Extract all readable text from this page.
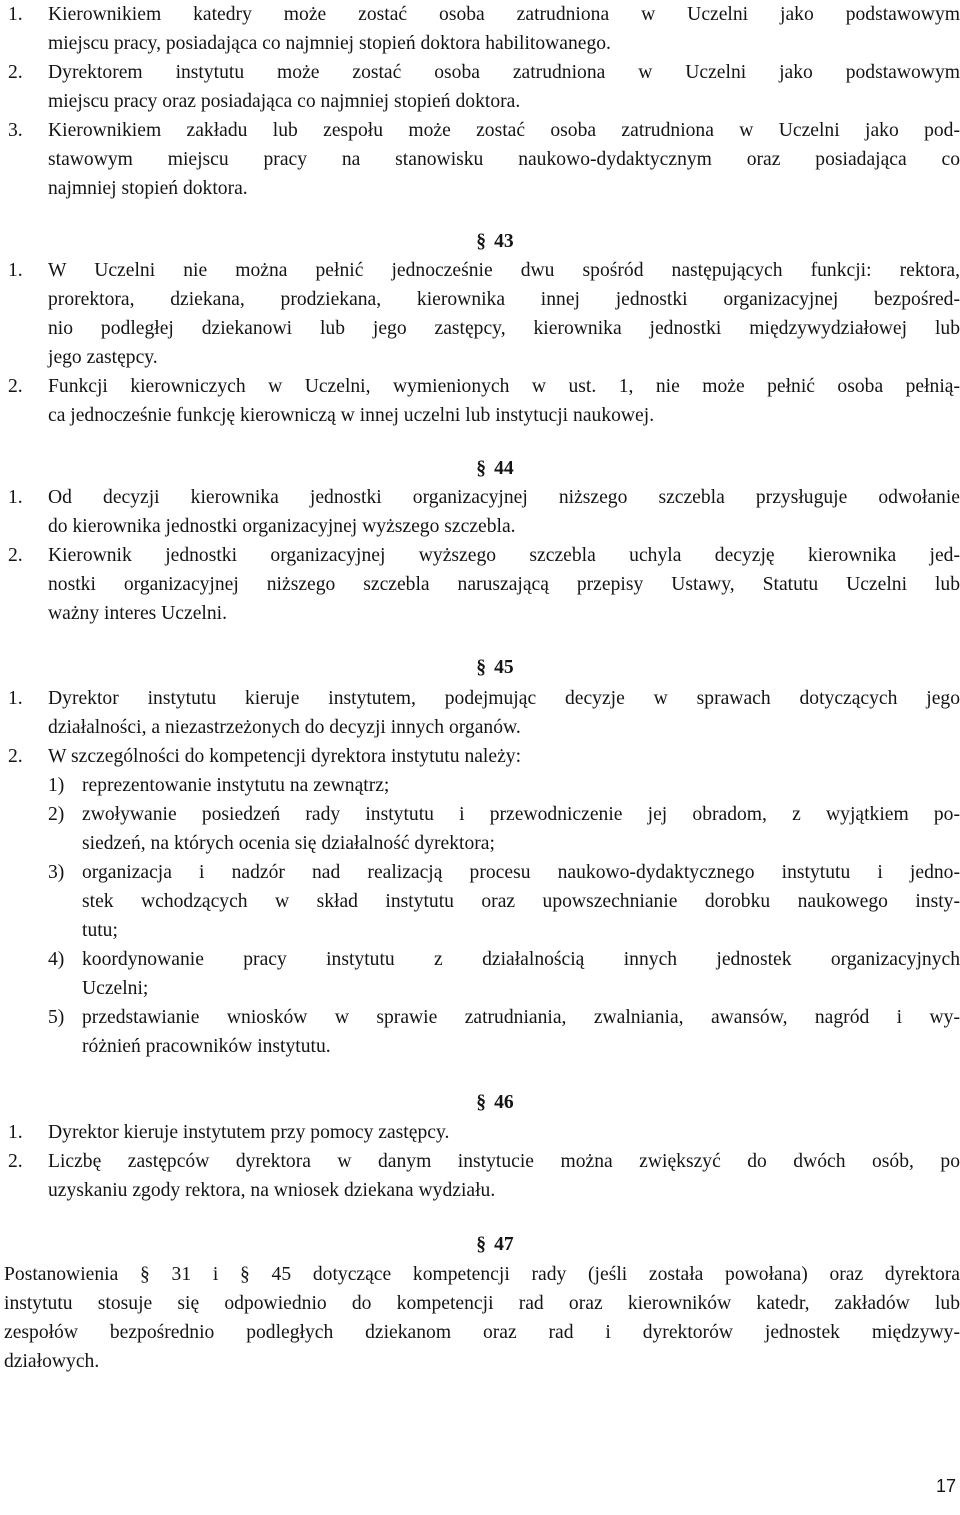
1. Kierownikiem katedry może zostać osoba zatrudniona w Uczelni jako podstawowym
miejscu pracy, posiadająca co najmniej stopień doktora habilitowanego.
2. Dyrektorem instytutu może zostać osoba zatrudniona w Uczelni jako podstawowym
miejscu pracy oraz posiadająca co najmniej stopień doktora.
3. Kierownikiem zakładu lub zespołu może zostać osoba zatrudniona w Uczelni jako pod-
stawowym miejscu pracy na stanowisku naukowo-dydaktycznym oraz posiadająca co
najmniej stopień doktora.
§ 43
1. W Uczelni nie można pełnić jednocześnie dwu spośród następujących funkcji: rektora,
prorektora, dziekana, prodziekana, kierownika innej jednostki organizacyjnej bezpośred-
nio podległej dziekanowi lub jego zastępcy, kierownika jednostki międzywydziałowej lub
jego zastępcy.
2. Funkcji kierowniczych w Uczelni, wymienionych w ust. 1, nie może pełnić osoba pełnią-
ca jednocześnie funkcję kierowniczą w innej uczelni lub instytucji naukowej.
§ 44
1. Od decyzji kierownika jednostki organizacyjnej niższego szczebla przysługuje odwołanie
do kierownika jednostki organizacyjnej wyższego szczebla.
2. Kierownik jednostki organizacyjnej wyższego szczebla uchyla decyzję kierownika jed-
nostki organizacyjnej niższego szczebla naruszającą przepisy Ustawy, Statutu Uczelni lub
ważny interes Uczelni.
§ 45
1. Dyrektor instytutu kieruje instytutem, podejmując decyzje w sprawach dotyczących jego
działalności, a niezastrzeżonych do decyzji innych organów.
2. W szczególności do kompetencji dyrektora instytutu należy:
1) reprezentowanie instytutu na zewnątrz;
2) zwoływanie posiedzeń rady instytutu i przewodniczenie jej obradom, z wyjątkiem po-
siedzeń, na których ocenia się działalność dyrektora;
3) organizacja i nadzór nad realizacją procesu naukowo-dydaktycznego instytutu i jedno-
stek wchodzących w skład instytutu oraz upowszechnianie dorobku naukowego insty-
tutu;
4) koordynowanie pracy instytutu z działalnością innych jednostek organizacyjnych
Uczelni;
5) przedstawianie wniosków w sprawie zatrudniania, zwalniania, awansów, nagród i wy-
różnień pracowników instytutu.
§ 46
1. Dyrektor kieruje instytutem przy pomocy zastępcy.
2. Liczbę zastępców dyrektora w danym instytucie można zwiększyć do dwóch osób, po
uzyskaniu zgody rektora, na wniosek dziekana wydziału.
§ 47
Postanowienia § 31 i § 45 dotyczące kompetencji rady (jeśli została powołana) oraz dyrektora
instytutu stosuje się odpowiednio do kompetencji rad oraz kierowników katedr, zakładów lub
zespołów bezpośrednio podległych dziekanom oraz rad i dyrektorów jednostek międzywy-
działowych.
17
